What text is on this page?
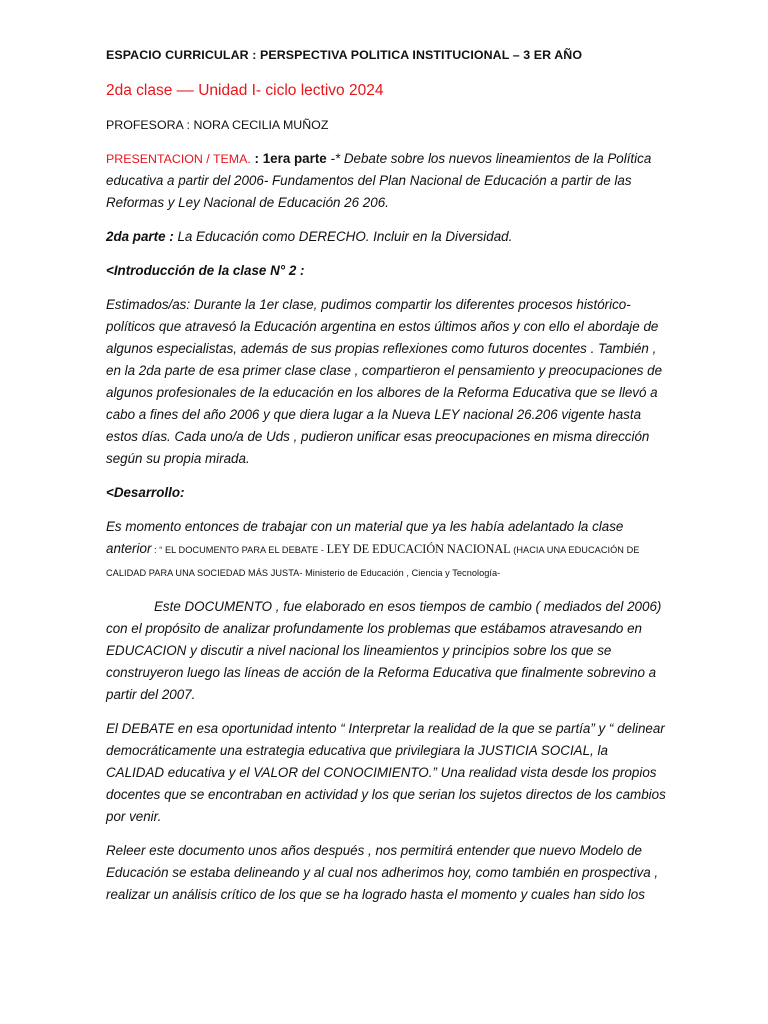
ESPACIO CURRICULAR : PERSPECTIVA POLITICA INSTITUCIONAL – 3 ER AÑO

2da clase –– Unidad I- ciclo lectivo 2024

PROFESORA : NORA CECILIA MUÑOZ

PRESENTACION / TEMA. : 1era parte -* Debate sobre los nuevos lineamientos de la Política educativa a partir del 2006- Fundamentos del Plan Nacional de Educación a partir de las Reformas y Ley Nacional de Educación 26 206.

2da parte : La Educación como DERECHO. Incluir en la Diversidad.

<Introducción de la clase N° 2 :

Estimados/as: Durante la 1er clase, pudimos compartir los diferentes procesos histórico-políticos que atravesó la Educación argentina en estos últimos años y con ello el abordaje de algunos especialistas, además de sus propias reflexiones como futuros docentes . También , en la 2da parte de esa primer clase clase , compartieron el pensamiento y preocupaciones de algunos profesionales de la educación en los albores de la Reforma Educativa que se llevó a cabo a fines del año 2006 y que diera lugar a la Nueva LEY nacional 26.206 vigente hasta estos días. Cada uno/a de Uds , pudieron unificar esas preocupaciones en misma dirección según su propia mirada.

<Desarrollo:

Es momento entonces de trabajar con un material que ya les había adelantado la clase anterior : “ EL DOCUMENTO PARA EL DEBATE - LEY DE EDUCACIÓN NACIONAL (HACIA UNA EDUCACIÓN DE CALIDAD PARA UNA SOCIEDAD MÁS JUSTA- Ministerio de Educación , Ciencia y Tecnología-

Este DOCUMENTO , fue elaborado en esos tiempos de cambio ( mediados del 2006) con el propósito de analizar profundamente los problemas que estábamos atravesando en EDUCACION y discutir a nivel nacional los lineamientos y principios sobre los que se construyeron luego las líneas de acción de la Reforma Educativa que finalmente sobrevino a partir del 2007.

El DEBATE en esa oportunidad intento “ Interpretar la realidad de la que se partía” y “ delinear democráticamente una estrategia educativa que privilegiara la JUSTICIA SOCIAL, la CALIDAD educativa y el VALOR del CONOCIMIENTO.” Una realidad vista desde los propios docentes que se encontraban en actividad y los que serian los sujetos directos de los cambios por venir.

Releer este documento unos años después , nos permitirá entender que nuevo Modelo de Educación se estaba delineando y al cual nos adherimos hoy, como también en prospectiva , realizar un análisis crítico de los que se ha logrado hasta el momento y cuales han sido los
